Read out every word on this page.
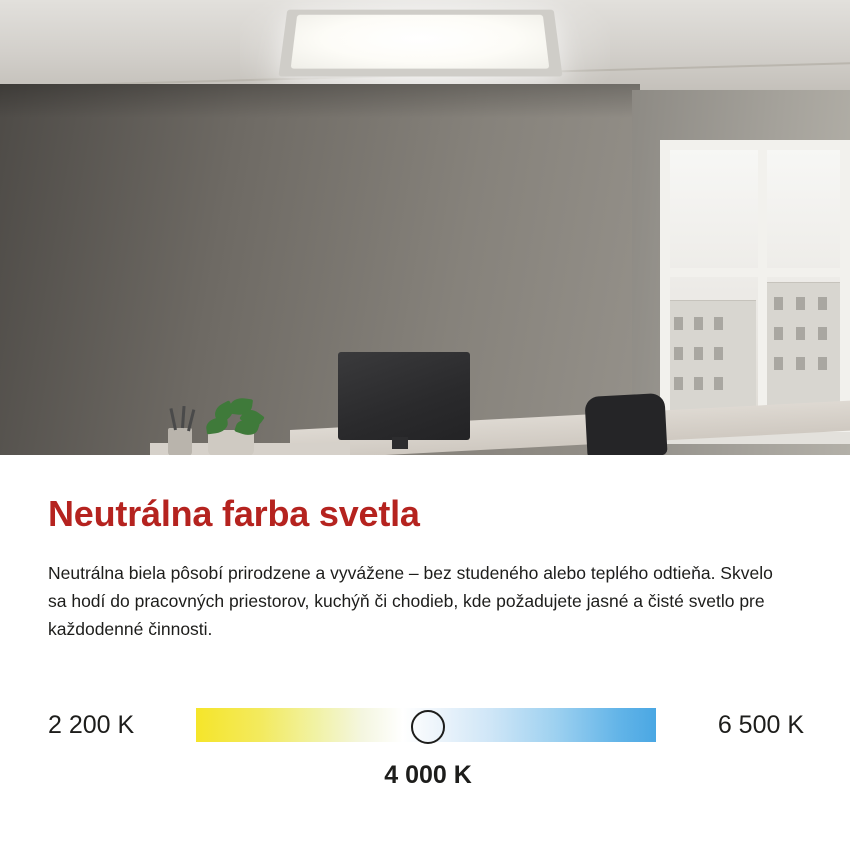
Neutrálna farba svetla

Neutrálna biela pôsobí prirodzene a vyvážene – bez studeného alebo teplého odtieňa. Skvelo sa hodí do pracovných priestorov, kuchýň či chodieb, kde požadujete jasné a čisté svetlo pre každodenné činnosti.

2 200 K	6 500 K
4 000 K
